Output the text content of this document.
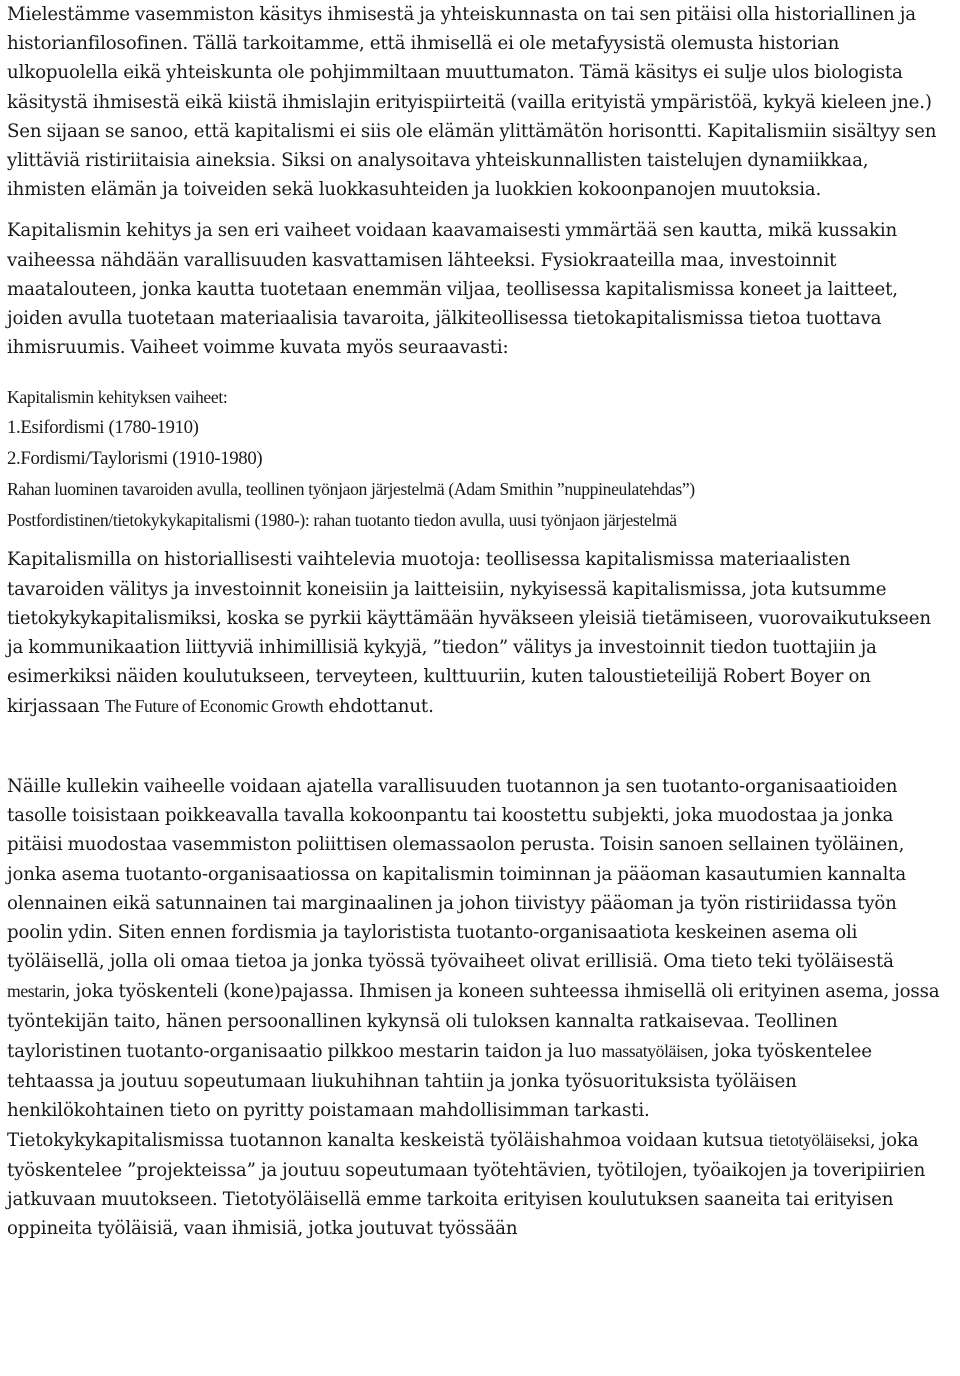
Mielestämme vasemmiston käsitys ihmisestä ja yhteiskunnasta on tai sen pitäisi olla historiallinen ja historianfilosofinen. Tällä tarkoitamme, että ihmisellä ei ole metafyysistä olemusta historian ulkopuolella eikä yhteiskunta ole pohjimmiltaan muuttumaton. Tämä käsitys ei sulje ulos biologista käsitystä ihmisestä eikä kiistä ihmislajin erityispiirteitä (vailla erityistä ympäristöä, kykyä kieleen jne.) Sen sijaan se sanoo, että kapitalismi ei siis ole elämän ylittämätön horisontti. Kapitalismiin sisältyy sen ylittäviä ristiriitaisia aineksia. Siksi on analysoitava yhteiskunnallisten taistelujen dynamiikkaa, ihmisten elämän ja toiveiden sekä luokkasuhteiden ja luokkien kokoonpanojen muutoksia.

Kapitalismin kehitys ja sen eri vaiheet voidaan kaavamaisesti ymmärtää sen kautta, mikä kussakin vaiheessa nähdään varallisuuden kasvattamisen lähteeksi. Fysiokraateilla maa, investoinnit maatalouteen, jonka kautta tuotetaan enemmän viljaa, teollisessa kapitalismissa koneet ja laitteet, joiden avulla tuotetaan materiaalisia tavaroita, jälkiteollisessa tietokapitalismissa tietoa tuottava ihmisruumis. Vaiheet voimme kuvata myös seuraavasti:

Kapitalismin kehityksen vaiheet:

1.Esifordismi (1780-1910)

2.Fordismi/Taylorismi (1910-1980)

Rahan luominen tavaroiden avulla, teollinen työnjaon järjestelmä (Adam Smithin ”nuppineulatehdas”)

Postfordistinen/tietokykykapitalismi (1980-): rahan tuotanto tiedon avulla, uusi työnjaon järjestelmä

Kapitalismilla on historiallisesti vaihtelevia muotoja: teollisessa kapitalismissa materiaalisten tavaroiden välitys ja investoinnit koneisiin ja laitteisiin, nykyisessä kapitalismissa, jota kutsumme tietokykykapitalismiksi, koska se pyrkii käyttämään hyväkseen yleisiä tietämiseen, vuorovaikutukseen ja kommunikaation liittyviä inhimillisiä kykyjä, ”tiedon” välitys ja investoinnit tiedon tuottajiin ja esimerkiksi näiden koulutukseen, terveyteen, kulttuuriin, kuten taloustieteilijä Robert Boyer on kirjassaan The Future of Economic Growth ehdottanut.

Näille kullekin vaiheelle voidaan ajatella varallisuuden tuotannon ja sen tuotanto-organisaatioiden tasolle toisistaan poikkeavalla tavalla kokoonpantu tai koostettu subjekti, joka muodostaa ja jonka pitäisi muodostaa vasemmiston poliittisen olemassaolon perusta. Toisin sanoen sellainen työläinen, jonka asema tuotanto-organisaatiossa on kapitalismin toiminnan ja pääoman kasautumien kannalta olennainen eikä satunnainen tai marginaalinen ja johon tiivistyy pääoman ja työn ristiriidassa työn poolin ydin. Siten ennen fordismia ja tayloristista tuotanto-organisaatiota keskeinen asema oli työläisellä, jolla oli omaa tietoa ja jonka työssä työvaiheet olivat erillisiä. Oma tieto teki työläisestä mestarin, joka työskenteli (kone)pajassa. Ihmisen ja koneen suhteessa ihmisellä oli erityinen asema, jossa työntekijän taito, hänen persoonallinen kykynsä oli tuloksen kannalta ratkaisevaa. Teollinen tayloristinen tuotanto-organisaatio pilkkoo mestarin taidon ja luo massatyöläisen, joka työskentelee tehtaassa ja joutuu sopeutumaan liukuhihnan tahtiin ja jonka työsuorituksista työläisen henkilökohtainen tieto on pyritty poistamaan mahdollisimman tarkasti.
Tietokykykapitalismissa tuotannon kanalta keskeistä työläishahmoa voidaan kutsua tietotyöläiseksi, joka työskentelee ”projekteissa” ja joutuu sopeutumaan työtehtävien, työtilojen, työaikojen ja toveripiirien jatkuvaan muutokseen. Tietotyöläisellä emme tarkoita erityisen koulutuksen saaneita tai erityisen oppineita työläisiä, vaan ihmisiä, jotka joutuvat työssään
